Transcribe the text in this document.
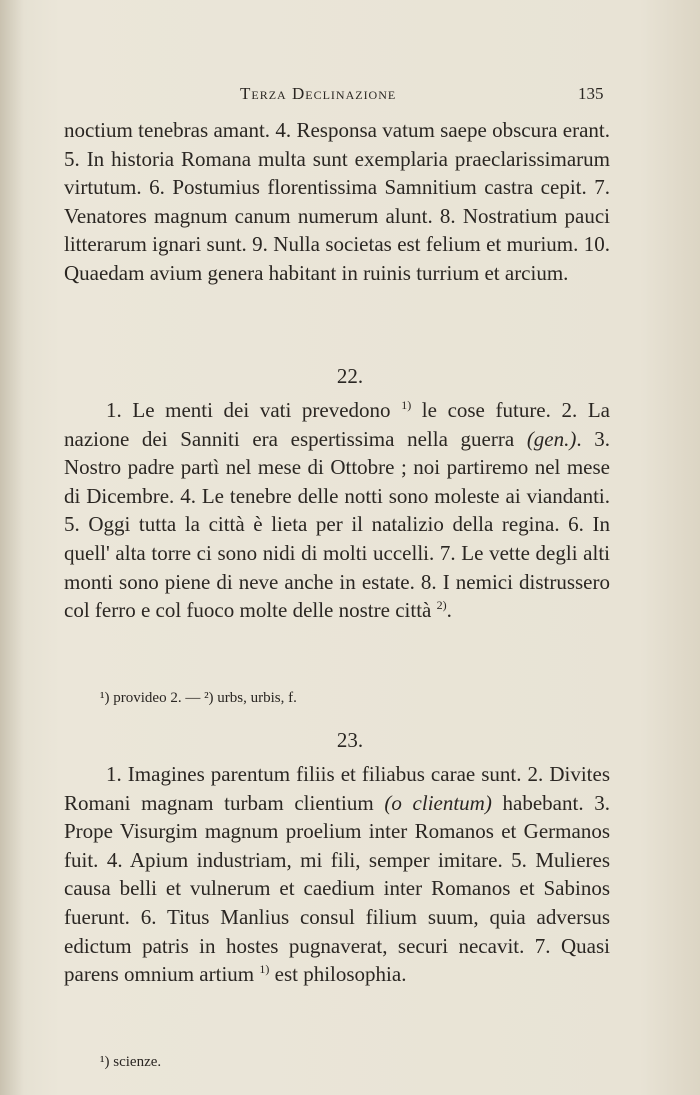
Terza Declinazione	135

noctium tenebras amant. 4. Responsa vatum saepe obscura erant. 5. In historia Romana multa sunt exemplaria praeclarissimarum virtutum. 6. Postumius florentissima Samnitium castra cepit. 7. Venatores magnum canum numerum alunt. 8. Nostratium pauci litterarum ignari sunt. 9. Nulla societas est felium et murium. 10. Quaedam avium genera habitant in ruinis turrium et arcium.

22.

1. Le menti dei vati prevedono $^{1)}$ le cose future. 2. La nazione dei Sanniti era espertissima nella guerra (gen.). 3. Nostro padre partì nel mese di Ottobre ; noi partiremo nel mese di Dicembre. 4. Le tenebre delle notti sono moleste ai viandanti. 5. Oggi tutta la città è lieta per il natalizio della regina. 6. In quell' alta torre ci sono nidi di molti uccelli. 7. Le vette degli alti monti sono piene di neve anche in estate. 8. I nemici distrussero col ferro e col fuoco molte delle nostre città $^{2)}$.

¹) provideo 2. — ²) urbs, urbis, f.
23.

1. Imagines parentum filiis et filiabus carae sunt. 2. Divites Romani magnam turbam clientium (o clientum) habebant. 3. Prope Visurgim magnum proelium inter Romanos et Germanos fuit. 4. Apium industriam, mi fili, semper imitare. 5. Mulieres causa belli et vulnerum et caedium inter Romanos et Sabinos fuerunt. 6. Titus Manlius consul filium suum, quia adversus edictum patris in hostes pugnaverat, securi necavit. 7. Quasi parens omnium artium $^{1)}$ est philosophia.

¹) scienze.
